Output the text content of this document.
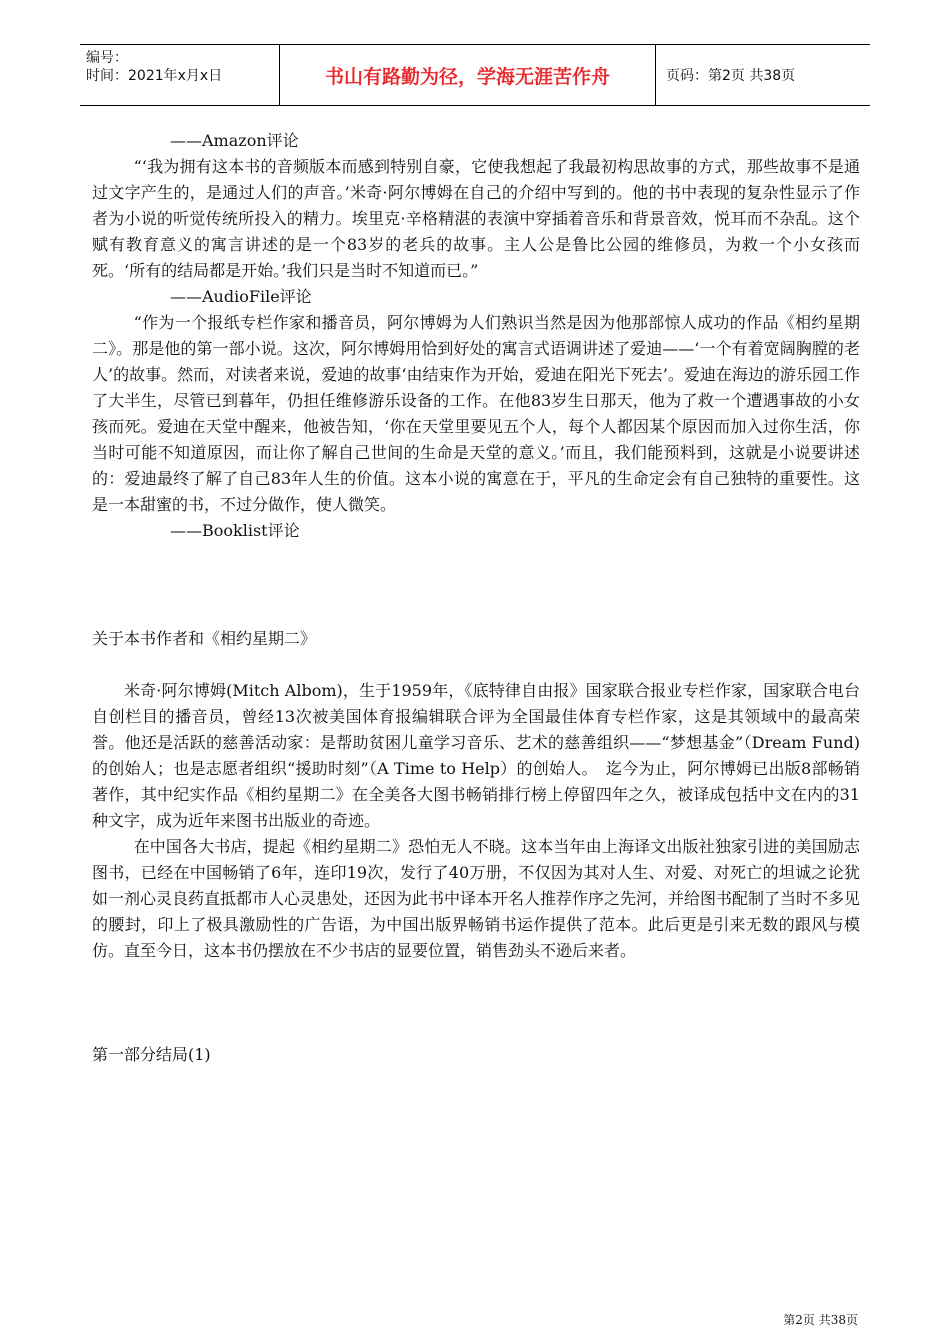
编号：
时间：2021年x月x日	书山有路勤为径，学海无涯苦作舟	页码：第2页 共38页

——Amazon评论

“‘我为拥有这本书的音频版本而感到特别自豪，它使我想起了我最初构思故事的方式，那些故事不是通过文字产生的，是通过人们的声音。’米奇·阿尔博姆在自己的介绍中写到的。他的书中表现的复杂性显示了作者为小说的听觉传统所投入的精力。埃里克·辛格精湛的表演中穿插着音乐和背景音效，悦耳而不杂乱。这个赋有教育意义的寓言讲述的是一个83岁的老兵的故事。主人公是鲁比公园的维修员，为救一个小女孩而死。‘所有的结局都是开始。’我们只是当时不知道而已。”

——AudioFile评论

“作为一个报纸专栏作家和播音员，阿尔博姆为人们熟识当然是因为他那部惊人成功的作品《相约星期二》。那是他的第一部小说。这次，阿尔博姆用恰到好处的寓言式语调讲述了爱迪——‘一个有着宽阔胸膛的老人’的故事。然而，对读者来说，爱迪的故事‘由结束作为开始，爱迪在阳光下死去’。爱迪在海边的游乐园工作了大半生，尽管已到暮年，仍担任维修游乐设备的工作。在他83岁生日那天，他为了救一个遭遇事故的小女孩而死。爱迪在天堂中醒来，他被告知，‘你在天堂里要见五个人，每个人都因某个原因而加入过你生活，你当时可能不知道原因，而让你了解自己世间的生命是天堂的意义。’而且，我们能预料到，这就是小说要讲述的：爱迪最终了解了自己83年人生的价值。这本小说的寓意在于，平凡的生命定会有自己独特的重要性。这是一本甜蜜的书，不过分做作，使人微笑。

——Booklist评论

关于本书作者和《相约星期二》

米奇·阿尔博姆(Mitch Albom)，生于1959年，《底特律自由报》国家联合报业专栏作家，国家联合电台自创栏目的播音员，曾经13次被美国体育报编辑联合评为全国最佳体育专栏作家，这是其领域中的最高荣誉。他还是活跃的慈善活动家：是帮助贫困儿童学习音乐、艺术的慈善组织——“梦想基金”（Dream Fund)的创始人；也是志愿者组织“援助时刻”（A Time to Help）的创始人。　迄今为止，阿尔博姆已出版8部畅销著作，其中纪实作品《相约星期二》在全美各大图书畅销排行榜上停留四年之久，被译成包括中文在内的31种文字，成为近年来图书出版业的奇迹。

在中国各大书店，提起《相约星期二》恐怕无人不晓。这本当年由上海译文出版社独家引进的美国励志图书，已经在中国畅销了6年，连印19次，发行了40万册，不仅因为其对人生、对爱、对死亡的坦诚之论犹如一剂心灵良药直抵都市人心灵患处，还因为此书中译本开名人推荐作序之先河，并给图书配制了当时不多见的腰封，印上了极具激励性的广告语，为中国出版界畅销书运作提供了范本。此后更是引来无数的跟风与模仿。直至今日，这本书仍摆放在不少书店的显要位置，销售劲头不逊后来者。

第一部分结局(1)

第2页 共38页
